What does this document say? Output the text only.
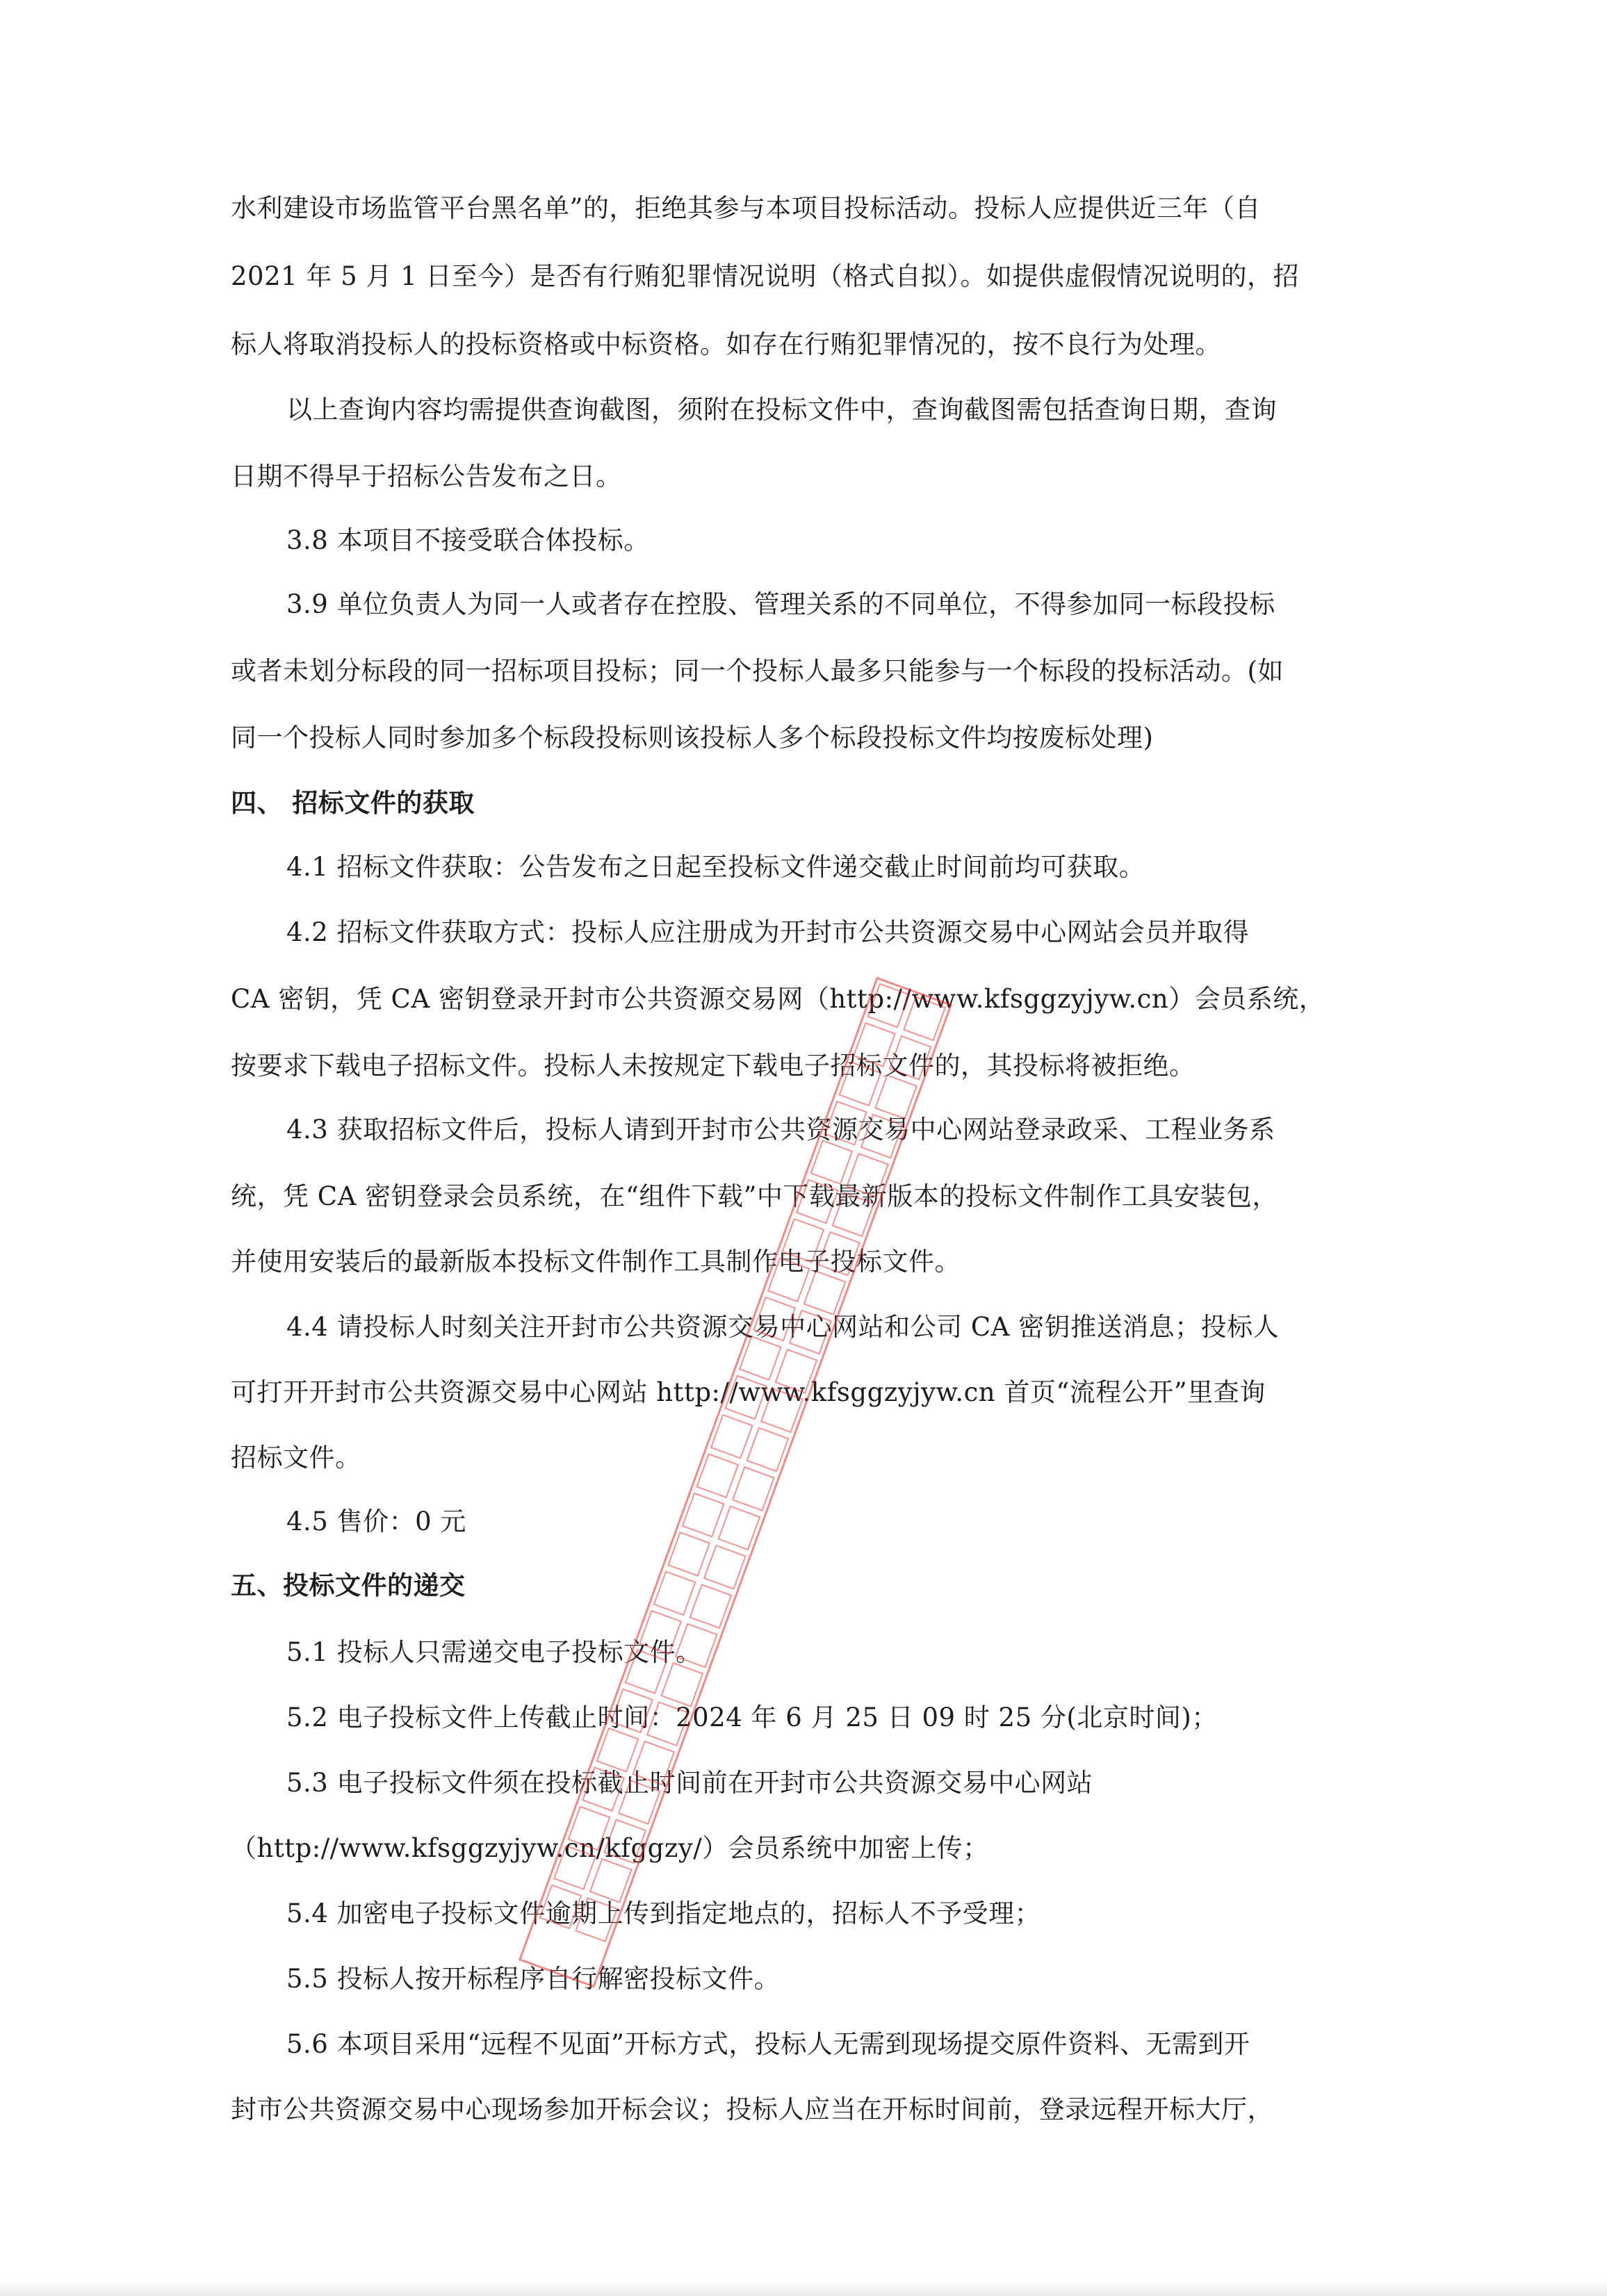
水利建设市场监管平台黑名单”的，拒绝其参与本项目投标活动。投标人应提供近三年（自
2021 年 5 月 1 日至今）是否有行贿犯罪情况说明（格式自拟）。如提供虚假情况说明的，招
标人将取消投标人的投标资格或中标资格。如存在行贿犯罪情况的，按不良行为处理。
以上查询内容均需提供查询截图，须附在投标文件中，查询截图需包括查询日期，查询
日期不得早于招标公告发布之日。
3.8 本项目不接受联合体投标。
3.9 单位负责人为同一人或者存在控股、管理关系的不同单位，不得参加同一标段投标
或者未划分标段的同一招标项目投标；同一个投标人最多只能参与一个标段的投标活动。(如
同一个投标人同时参加多个标段投标则该投标人多个标段投标文件均按废标处理)
四、 招标文件的获取
4.1 招标文件获取：公告发布之日起至投标文件递交截止时间前均可获取。
4.2 招标文件获取方式：投标人应注册成为开封市公共资源交易中心网站会员并取得
CA 密钥，凭 CA 密钥登录开封市公共资源交易网（http://www.kfsggzyjyw.cn）会员系统，
按要求下载电子招标文件。投标人未按规定下载电子招标文件的，其投标将被拒绝。
4.3 获取招标文件后，投标人请到开封市公共资源交易中心网站登录政采、工程业务系
统，凭 CA 密钥登录会员系统，在“组件下载”中下载最新版本的投标文件制作工具安装包，
并使用安装后的最新版本投标文件制作工具制作电子投标文件。
4.4 请投标人时刻关注开封市公共资源交易中心网站和公司 CA 密钥推送消息；投标人
可打开开封市公共资源交易中心网站 http://www.kfsggzyjyw.cn 首页“流程公开”里查询
招标文件。
4.5 售价：0 元
五、投标文件的递交
5.1 投标人只需递交电子投标文件。
5.2 电子投标文件上传截止时间：2024 年 6 月 25 日 09 时 25 分(北京时间)；
5.3 电子投标文件须在投标截止时间前在开封市公共资源交易中心网站
（http://www.kfsggzyjyw.cn/kfggzy/）会员系统中加密上传；
5.4 加密电子投标文件逾期上传到指定地点的，招标人不予受理；
5.5 投标人按开标程序自行解密投标文件。
5.6 本项目采用“远程不见面”开标方式，投标人无需到现场提交原件资料、无需到开
封市公共资源交易中心现场参加开标会议；投标人应当在开标时间前，登录远程开标大厅，
